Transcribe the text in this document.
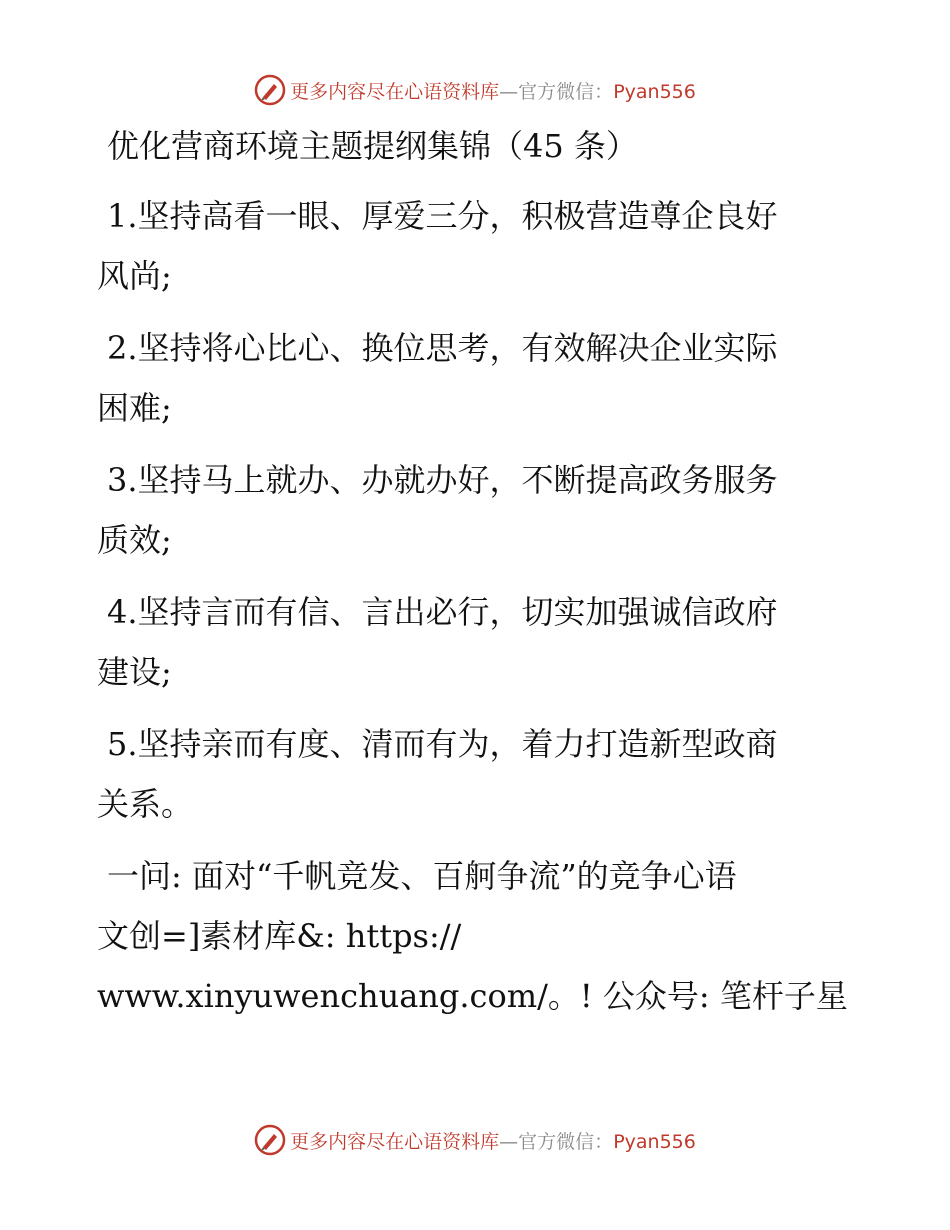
更多内容尽在心语资料库—官方微信：Pyan556
优化营商环境主题提纲集锦（45 条）

1.坚持高看一眼、厚爱三分，积极营造尊企良好
风尚;

2.坚持将心比心、换位思考，有效解决企业实际
困难;

3.坚持马上就办、办就办好，不断提高政务服务
质效;

4.坚持言而有信、言出必行，切实加强诚信政府
建设;

5.坚持亲而有度、清而有为，着力打造新型政商
关系。

一问: 面对“千帆竞发、百舸争流”的竞争心语
文创=]素材库&: https://
www.xinyuwenchuang.com/。! 公众号: 笔杆子星

更多内容尽在心语资料库—官方微信：Pyan556
